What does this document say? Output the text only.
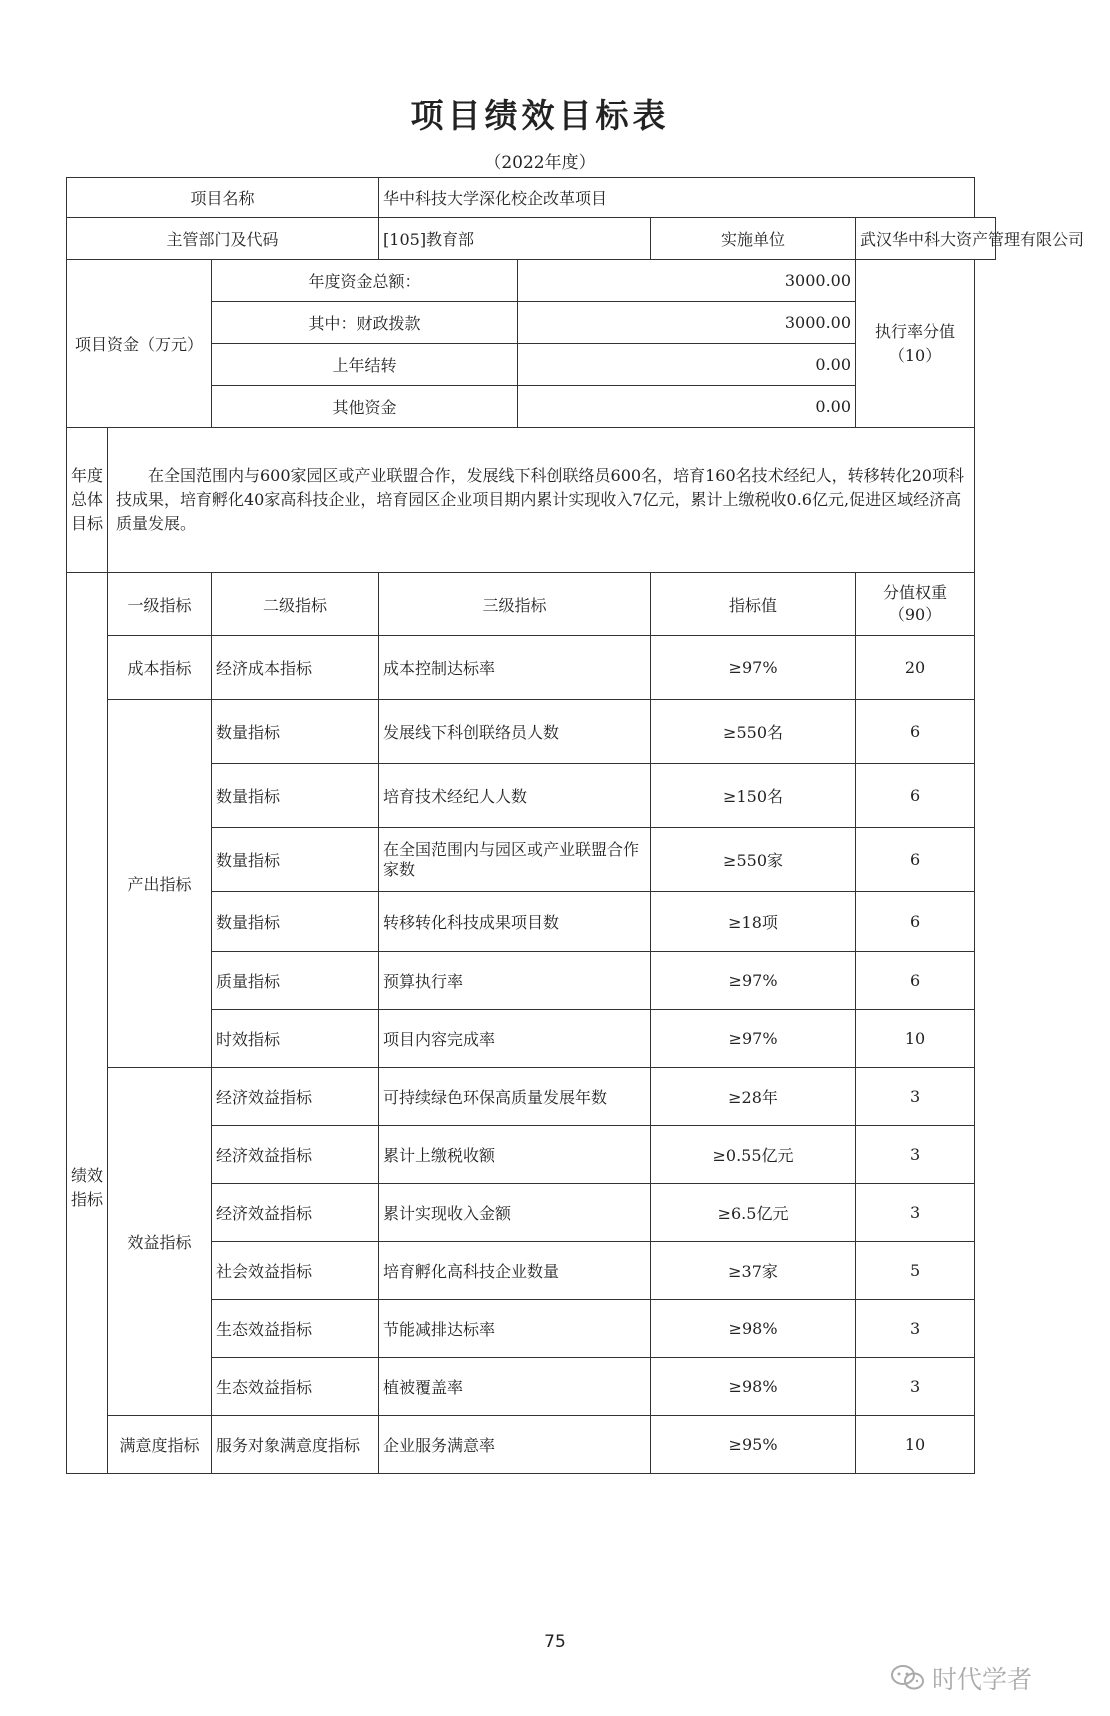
项目绩效目标表
（2022年度）
项目名称			华中科技大学深化校企改革项目			
主管部门及代码			[105]教育部		实施单位	武汉华中科大资产管理有限公司
项目资金（万元）		年度资金总额：		3000.00		执行率分值（10）
		其中：财政拨款		3000.00		
		上年结转		0.00		
		其他资金		0.00		
年度总体目标	在全国范围内与600家园区或产业联盟合作，发展线下科创联络员600名，培育160名技术经纪人，转移转化20项科技成果，培育孵化40家高科技企业，培育园区企业项目期内累计实现收入7亿元，累计上缴税收0.6亿元,促进区域经济高质量发展。					
绩效指标	一级指标	二级指标	三级指标		指标值	分值权重（90）
	成本指标	经济成本指标	成本控制达标率		≥97%	20
	产出指标	数量指标	发展线下科创联络员人数		≥550名	6
		数量指标	培育技术经纪人人数		≥150名	6
		数量指标	在全国范围内与园区或产业联盟合作家数		≥550家	6
		数量指标	转移转化科技成果项目数		≥18项	6
		质量指标	预算执行率		≥97%	6
		时效指标	项目内容完成率		≥97%	10
	效益指标	经济效益指标	可持续绿色环保高质量发展年数		≥28年	3
		经济效益指标	累计上缴税收额		≥0.55亿元	3
		经济效益指标	累计实现收入金额		≥6.5亿元	3
		社会效益指标	培育孵化高科技企业数量		≥37家	5
		生态效益指标	节能减排达标率		≥98%	3
		生态效益指标	植被覆盖率		≥98%	3
	满意度指标	服务对象满意度指标	企业服务满意率		≥95%	10
75
时代学者
